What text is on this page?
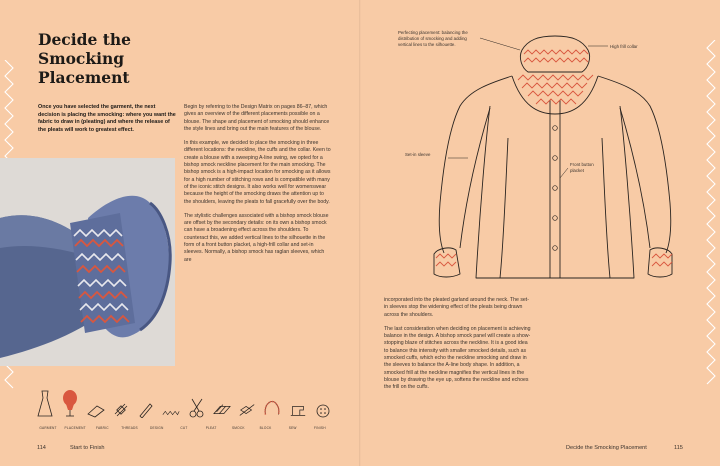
Decide the Smocking Placement
Once you have selected the garment, the next decision is placing the smocking: where you want the fabric to draw in (pleating) and where the release of the pleats will work to greatest effect.

Begin by referring to the Design Matrix on pages 86–87, which gives an overview of the different placements possible on a blouse. The shape and placement of smocking should enhance the style lines and bring out the main features of the blouse.

In this example, we decided to place the smocking in three different locations: the neckline, the cuffs and the collar. Keen to create a blouse with a sweeping A-line swing, we opted for a bishop smock neckline placement for the main smocking. The bishop smock is a high-impact location for smocking as it allows for a high number of stitching rows and is compatible with many of the iconic stitch designs. It also works well for womenswear because the height of the smocking draws the attention up to the shoulders, leaving the pleats to fall gracefully over the body.

The stylistic challenges associated with a bishop smock blouse are offset by the secondary details: on its own a bishop smock can have a broadening effect across the shoulders. To counteract this, we added vertical lines to the silhouette in the form of a front button placket, a high-frill collar and set-in sleeves. Normally, a bishop smock has raglan sleeves, which are

GARMENT	PLACEMENT	FABRIC	THREADS	DESIGN	CUT	PLEAT	SMOCK	BLOCK	SEW	FINISH
114	Start to Finish
Perfecting placement: balancing the distribution of smocking and adding vertical lines to the silhouette.	High frill collar
Set-in sleeve
Front button placket

incorporated into the pleated garland around the neck. The set-in sleeves stop the widening effect of the pleats being drawn across the shoulders.

The last consideration when deciding on placement is achieving balance in the design. A bishop smock panel will create a show-stopping blaze of stitches across the neckline. It is a good idea to balance this intensity with smaller smocked details, such as smocked cuffs, which echo the neckline smocking and draw in the sleeves to balance the A-line body shape. In addition, a smocked frill at the neckline magnifies the vertical lines in the blouse by drawing the eye up, softens the neckline and echoes the frill on the cuffs.

Decide the Smocking Placement	115
